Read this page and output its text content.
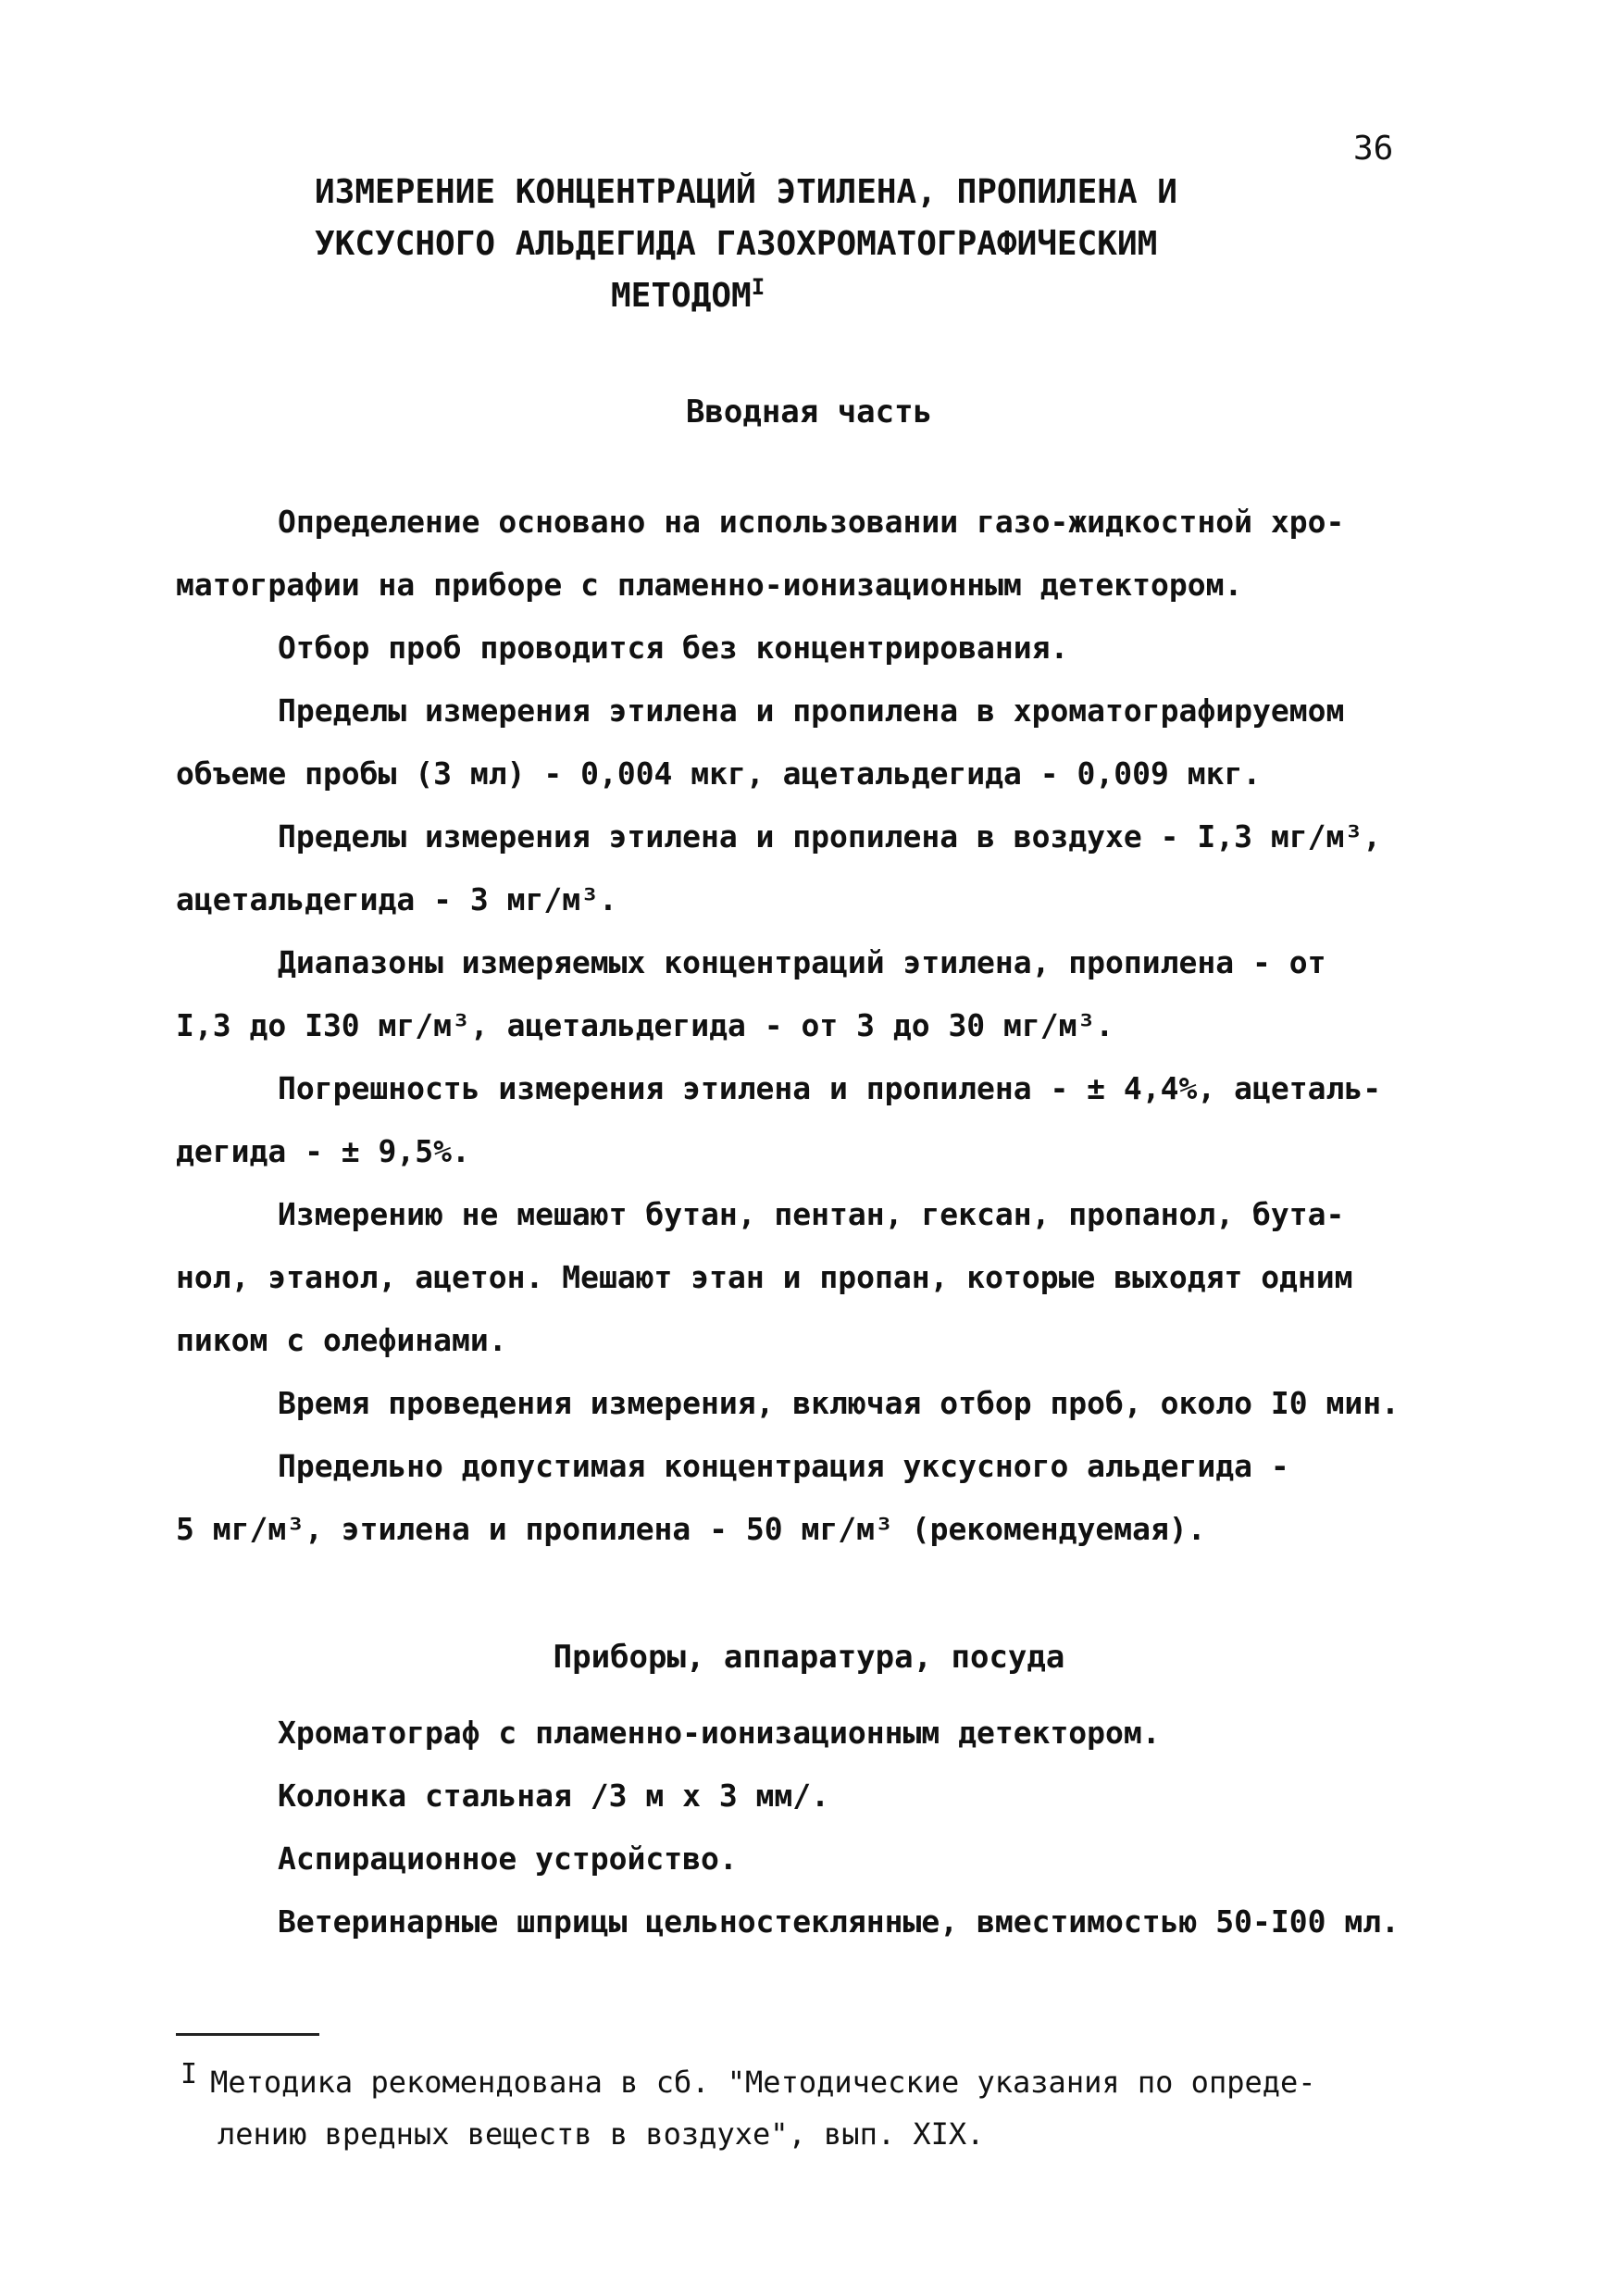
36
ИЗМЕРЕНИЕ КОНЦЕНТРАЦИЙ ЭТИЛЕНА, ПРОПИЛЕНА И
УКСУСНОГО АЛЬДЕГИДА ГАЗОХРОМАТОГРАФИЧЕСКИМ
$МЕТОДОМ^I$
Вводная часть
Определение основано на использовании газо-жидкостной хро-
матографии на приборе с пламенно-ионизационным детектором.
Отбор проб проводится без концентрирования.
Пределы измерения этилена и пропилена в хроматографируемом
объеме пробы (3 мл) - 0,004 мкг, ацетальдегида - 0,009 мкг.
Пределы измерения этилена и пропилена в воздухе - I,3 мг/м³,
ацетальдегида - 3 мг/м³.
Диапазоны измеряемых концентраций этилена, пропилена - от
I,3 до I30 мг/м³, ацетальдегида - от 3 до 30 мг/м³.
Погрешность измерения этилена и пропилена - ± 4,4%, ацеталь-
дегида - ± 9,5%.
Измерению не мешают бутан, пентан, гексан, пропанол, бута-
нол, этанол, ацетон. Мешают этан и пропан, которые выходят одним
пиком с олефинами.
Время проведения измерения, включая отбор проб, около I0 мин.
Предельно допустимая концентрация уксусного альдегида -
5 мг/м³, этилена и пропилена - 50 мг/м³ (рекомендуемая).
Приборы, аппаратура, посуда
Хроматограф с пламенно-ионизационным детектором.
Колонка стальная /3 м х 3 мм/.
Аспирационное устройство.
Ветеринарные шприцы цельностеклянные, вместимостью 50-I00 мл.
I Методика рекомендована в сб. "Методические указания по опреде-
лению вредных веществ в воздухе", вып. XIX.
